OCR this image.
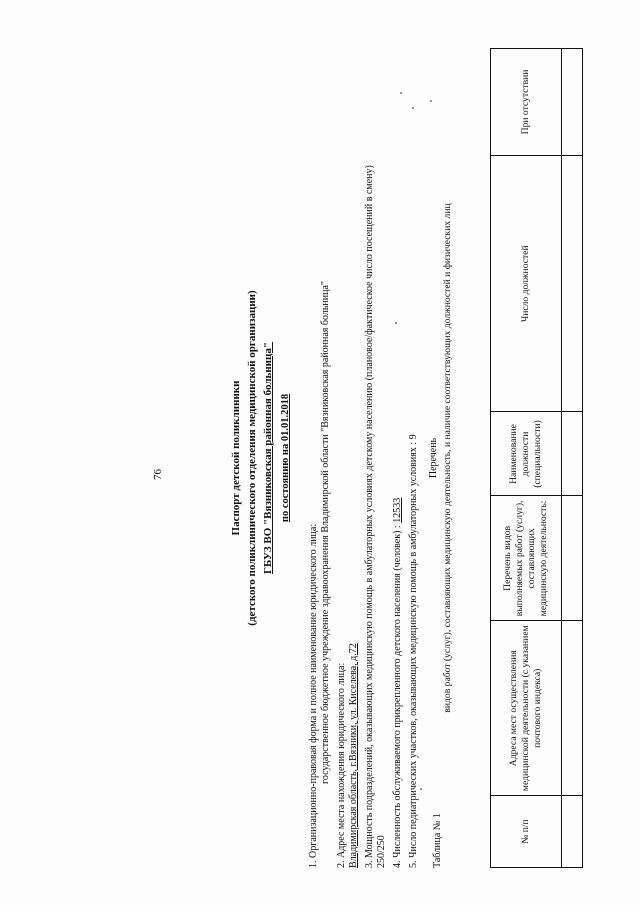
76	Паспорт детской поликлиники (детского поликлинического отделения медицинской организации) ГБУЗ ВО "Вязниковская районная больница" по состоянию на 01.01.2018
1. Организационно-правовая форма и полное наименование юридического лица: государственное бюджетное учреждение здравоохранения Владимирской области "Вязниковская районная больница" 2. Адрес места нахождения юридического лица: Владимирская область, г.Вязники, ул. Киселева, д.72 3. Мощность подразделений, оказывающих медицинскую помощь в амбулаторных условиях детскому населению (плановое/фактическое число посещений в смену) 250/250 4. Численность обслуживаемого прикрепленного детского населения (человек) : 12533 5. Число педиатрических участков, оказывающих медицинскую помощь в амбулаторных условиях : 9 Таблица № 1
Перечень видов работ (услуг), составляющих медицинскую деятельность, и наличие соответствующих должностей и физических лиц
№ п/п	Адреса мест осуществления медицинской деятельности (с указанием почтового индекса)	Перечень видов выполняемых работ (услуг), составляющих медицинскую деятельность:	Наименование должности (специальности)	Число должностей	При отсутствии
